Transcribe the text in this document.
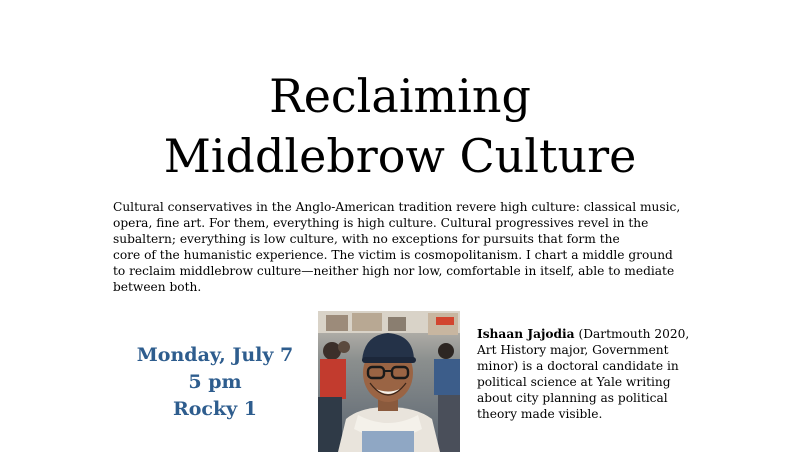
Reclaiming
Middlebrow Culture

Cultural conservatives in the Anglo-American tradition revere high culture: classical music,
opera, fine art. For them, everything is high culture. Cultural progressives revel in the
subaltern; everything is low culture, with no exceptions for pursuits that form the
core of the humanistic experience. The victim is cosmopolitanism. I chart a middle ground
to reclaim middlebrow culture—neither high nor low, comfortable in itself, able to mediate
between both.

Monday, July 7
5 pm
Rocky 1

Ishaan Jajodia (Dartmouth 2020,
Art History major, Government
minor) is a doctoral candidate in
political science at Yale writing
about city planning as political
theory made visible.
